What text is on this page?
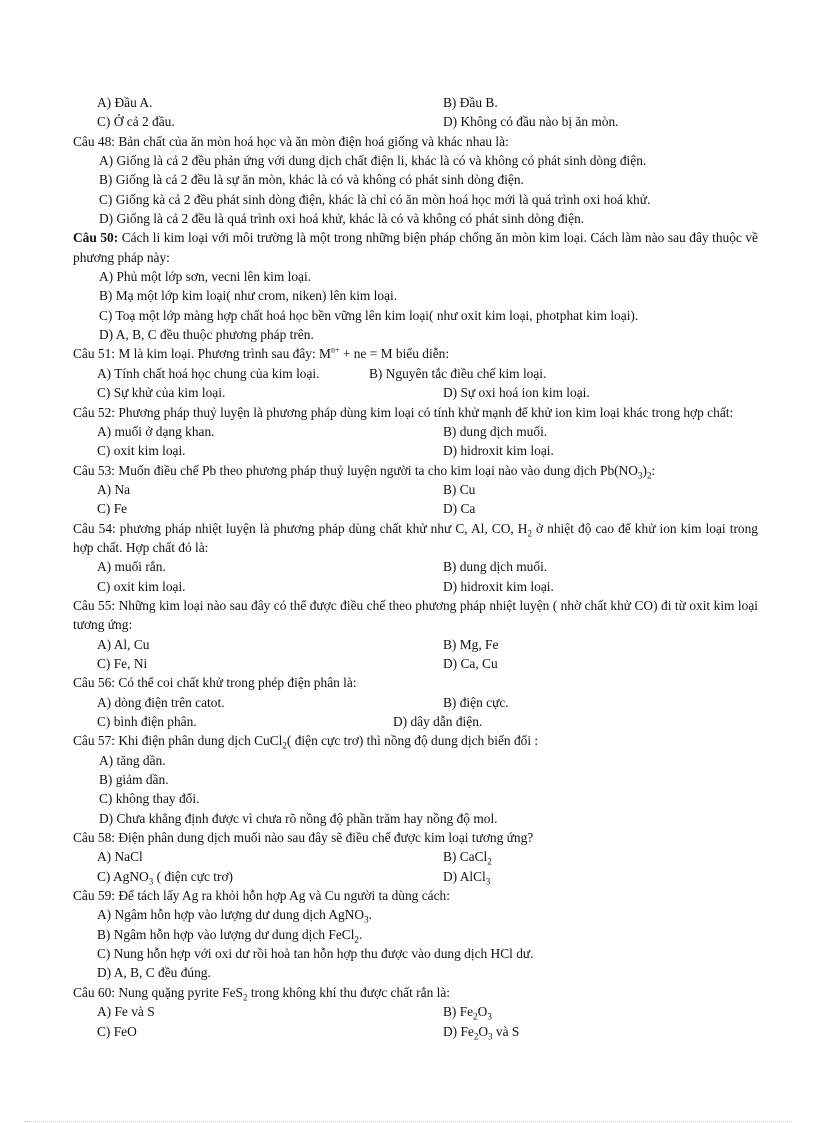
A) Đầu A.	B) Đầu B.
C) Ở cả 2 đầu.	D) Không có đầu nào bị ăn mòn.
Câu 48: Bản chất của ăn mòn hoá học và ăn mòn điện hoá giống và khác nhau là:
A) Giống là cả 2 đều phản ứng với dung dịch chất điện li, khác là có và không có phát sinh dòng điện.
B) Giống là cả 2 đều là sự ăn mòn, khác là có và không có phát sinh dòng điện.
C) Giống kà cả 2 đều phát sinh dòng điện, khác là chỉ có ăn mòn hoá học mới là quá trình oxi hoá khử.
D) Giống là cả 2 đều là quá trình oxi hoá khử, khác là có và không có phát sinh dòng điện.
Câu 50: Cách li kim loại với môi trường là một trong những biện pháp chống ăn mòn kim loại. Cách làm nào sau đây thuộc về phương pháp này:
A) Phủ một lớp sơn, vecni lên kim loại.
B) Mạ một lớp kim loại( như crom, niken) lên kim loại.
C) Toạ một lớp màng hợp chất hoá học bền vững lên kim loại( như oxit kim loại, photphat kim loại).
D) A, B, C đều thuộc phương pháp trên.
Câu 51: M là kim loại. Phương trình sau đây: $M^{n+}$ + ne = M biểu diễn:
A) Tính chất hoá học chung của kim loại.	B) Nguyên tắc điều chế kim loại.
C) Sự khử của kim loại.	D) Sự oxi hoá ion kim loại.
Câu 52: Phương pháp thuỷ luyện là phương pháp dùng kim loại có tính khử mạnh để khử ion kim loại khác trong hợp chất:
A) muối ở dạng khan.	B) dung dịch muối.
C) oxit kim loại.	D) hidroxit kim loại.
Câu 53: Muốn điều chế Pb theo phương pháp thuỷ luyện người ta cho kim loại nào vào dung dịch $Pb(NO_3)_2$:
A) Na	B) Cu
C) Fe	D) Ca
Câu 54: phương pháp nhiệt luyện là phương pháp dùng chất khử như C, Al, CO, $H_2$ ở nhiệt độ cao để khử ion kim loại trong hợp chất. Hợp chất đó là:
A) muối rắn.	B) dung dịch muối.
C) oxit kim loại.	D) hidroxit kim loại.
Câu 55: Những kim loại nào sau đây có thể được điều chế theo phương pháp nhiệt luyện ( nhờ chất khử CO) đi từ oxit kim loại tương ứng:
A) Al, Cu	B) Mg, Fe
C) Fe, Ni	D) Ca, Cu
Câu 56: Có thể coi chất khử trong phép điện phân là:
A) dòng điện trên catot.	B) điện cực.
C) bình điện phân.	D) dây dẫn điện.
Câu 57: Khi điện phân dung dịch CuCl$_2$( điện cực trơ) thì nồng độ dung dịch biến đổi :
A) tăng dần.
B) giảm dần.
C) không thay đổi.
D) Chưa khẳng định được vì chưa rõ nồng độ phần trăm hay nồng độ mol.
Câu 58: Điện phân dung dịch muối nào sau đây sẽ điều chế được kim loại tương ứng?
A) NaCl	B) CaCl$_2$
C) AgNO$_3$ ( điện cực trơ)	D) AlCl$_3$
Câu 59: Để tách lấy Ag ra khỏi hỗn hợp Ag và Cu người ta dùng cách:
A) Ngâm hỗn hợp vào lượng dư dung dịch AgNO$_3$.
B) Ngâm hỗn hợp vào lượng dư dung dịch FeCl$_2$.
C) Nung hỗn hợp với oxi dư rồi hoà tan hỗn hợp thu được vào dung dịch HCl dư.
D) A, B, C đều đúng.
Câu 60: Nung quặng pyrite FeS$_2$ trong không khí thu được chất rắn là:
A) Fe và S	B) $Fe_2O_3$
C) FeO	D) $Fe_2O_3$ và S
